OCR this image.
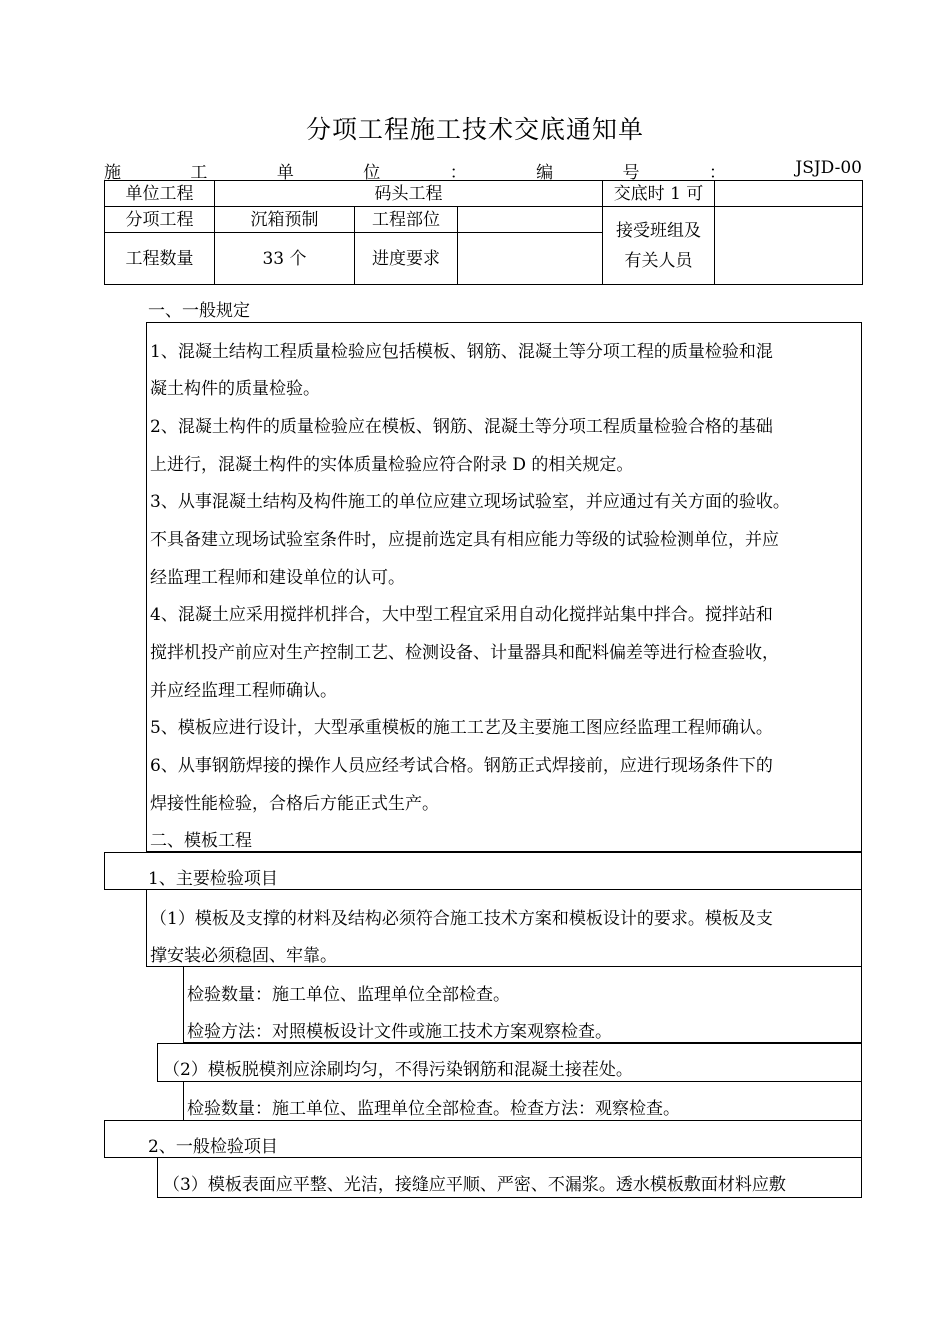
分项工程施工技术交底通知单
施	工	单	位	：	编	号	：	JSJD-00
单位工程	码头工程			交底时 1 可	
分项工程	沉箱预制	工程部位		接受班组及有关人员	

工程数量	33 个	进度要求			
一、一般规定
1、混凝土结构工程质量检验应包括模板、钢筋、混凝土等分项工程的质量检验和混
凝土构件的质量检验。
2、混凝土构件的质量检验应在模板、钢筋、混凝土等分项工程质量检验合格的基础
上进行，混凝土构件的实体质量检验应符合附录 D 的相关规定。
3、从事混凝土结构及构件施工的单位应建立现场试验室，并应通过有关方面的验收。
不具备建立现场试验室条件时，应提前选定具有相应能力等级的试验检测单位，并应
经监理工程师和建设单位的认可。
4、混凝土应采用搅拌机拌合，大中型工程宜采用自动化搅拌站集中拌合。搅拌站和
搅拌机投产前应对生产控制工艺、检测设备、计量器具和配料偏差等进行检查验收，
并应经监理工程师确认。
5、模板应进行设计，大型承重模板的施工工艺及主要施工图应经监理工程师确认。
6、从事钢筋焊接的操作人员应经考试合格。钢筋正式焊接前，应进行现场条件下的
焊接性能检验，合格后方能正式生产。
二、模板工程
1、主要检验项目
（1）模板及支撑的材料及结构必须符合施工技术方案和模板设计的要求。模板及支
撑安装必须稳固、牢靠。
检验数量：施工单位、监理单位全部检查。
检验方法：对照模板设计文件或施工技术方案观察检查。
（2）模板脱模剂应涂刷均匀，不得污染钢筋和混凝土接茬处。
检验数量：施工单位、监理单位全部检查。检查方法：观察检查。
2、一般检验项目
（3）模板表面应平整、光洁，接缝应平顺、严密、不漏浆。透水模板敷面材料应敷
